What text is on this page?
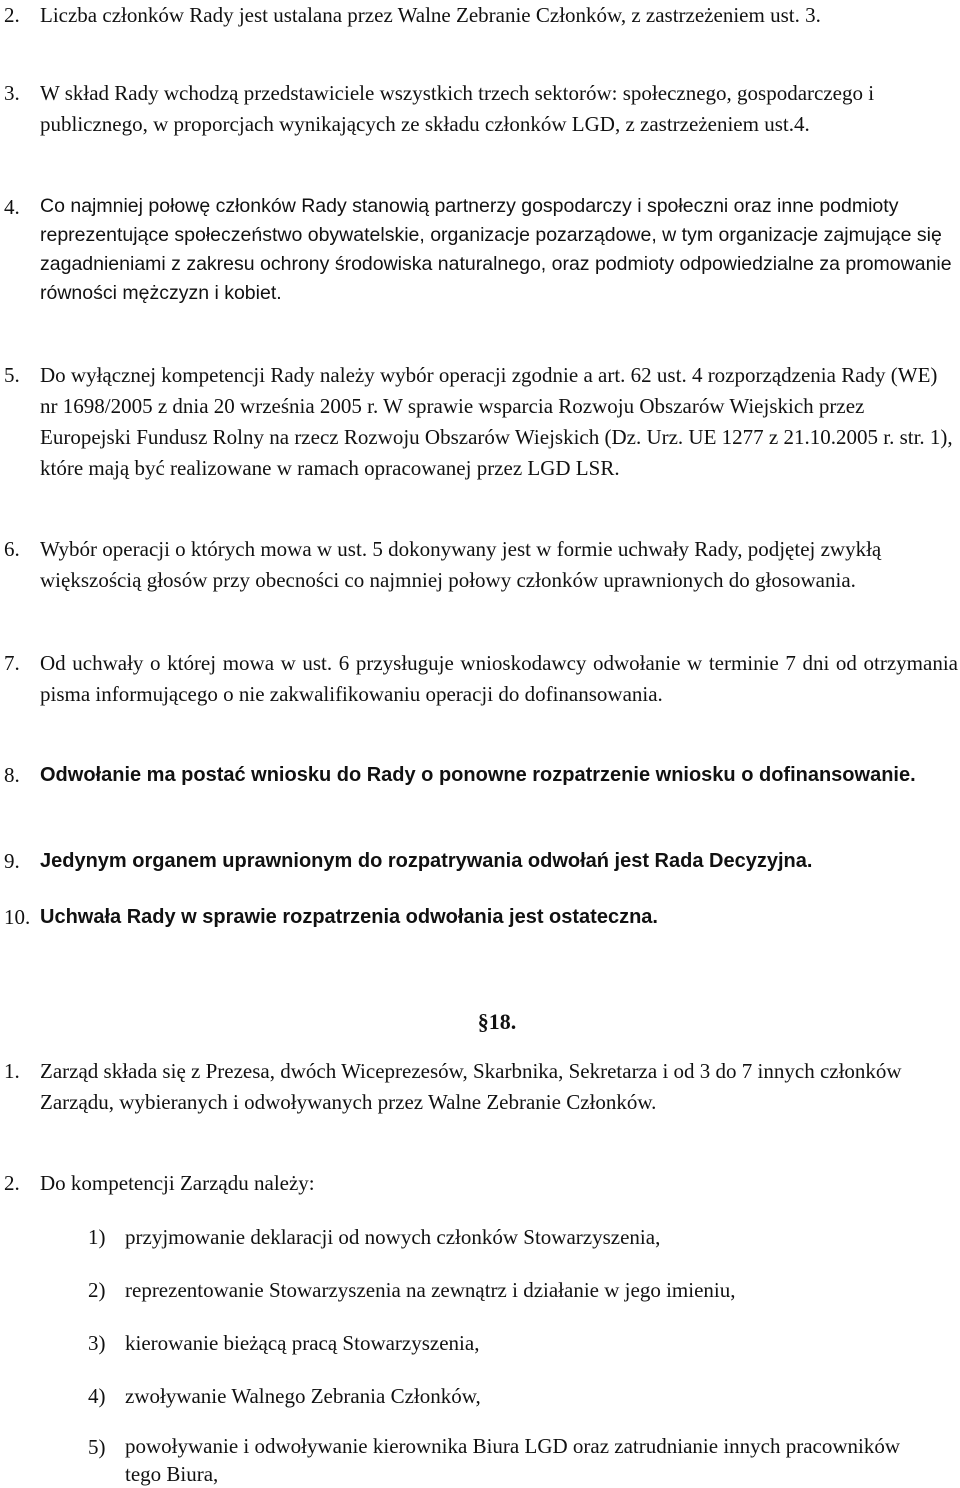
2. Liczba członków Rady jest ustalana przez Walne Zebranie Członków, z zastrzeżeniem ust. 3.
3. W skład Rady wchodzą przedstawiciele wszystkich trzech sektorów: społecznego, gospodarczego i publicznego, w proporcjach wynikających ze składu członków LGD, z zastrzeżeniem ust.4.
4. Co najmniej połowę członków Rady stanowią partnerzy gospodarczy i społeczni oraz inne podmioty reprezentujące społeczeństwo obywatelskie, organizacje pozarządowe, w tym organizacje zajmujące się zagadnieniami z zakresu ochrony środowiska naturalnego, oraz podmioty odpowiedzialne za promowanie równości mężczyzn i kobiet.
5. Do wyłącznej kompetencji Rady należy wybór operacji zgodnie a art. 62 ust. 4 rozporządzenia Rady (WE) nr 1698/2005 z dnia 20 września 2005 r. W sprawie wsparcia Rozwoju Obszarów Wiejskich przez Europejski Fundusz Rolny na rzecz Rozwoju Obszarów Wiejskich (Dz. Urz. UE 1277 z 21.10.2005 r. str. 1), które mają być realizowane w ramach opracowanej przez LGD LSR.
6. Wybór operacji o których mowa w ust. 5 dokonywany jest w formie uchwały Rady, podjętej zwykłą większością głosów przy obecności co najmniej połowy członków uprawnionych do głosowania.
7. Od uchwały o której mowa w ust. 6 przysługuje wnioskodawcy odwołanie w terminie 7 dni od otrzymania pisma informującego o nie zakwalifikowaniu operacji do dofinansowania.
8. Odwołanie ma postać wniosku do Rady o ponowne rozpatrzenie wniosku o dofinansowanie.
9. Jedynym organem uprawnionym do rozpatrywania odwołań jest Rada Decyzyjna.
10. Uchwała Rady w sprawie rozpatrzenia odwołania jest ostateczna.
§18.
1. Zarząd składa się z Prezesa, dwóch Wiceprezesów, Skarbnika, Sekretarza i od 3 do 7 innych członków Zarządu, wybieranych i odwoływanych przez Walne Zebranie Członków.
2. Do kompetencji Zarządu należy:
1) przyjmowanie deklaracji od nowych członków Stowarzyszenia,
2) reprezentowanie Stowarzyszenia na zewnątrz i działanie w jego imieniu,
3) kierowanie bieżącą pracą Stowarzyszenia,
4) zwoływanie Walnego Zebrania Członków,
5) powoływanie i odwoływanie kierownika Biura LGD oraz zatrudnianie innych pracowników tego Biura,
